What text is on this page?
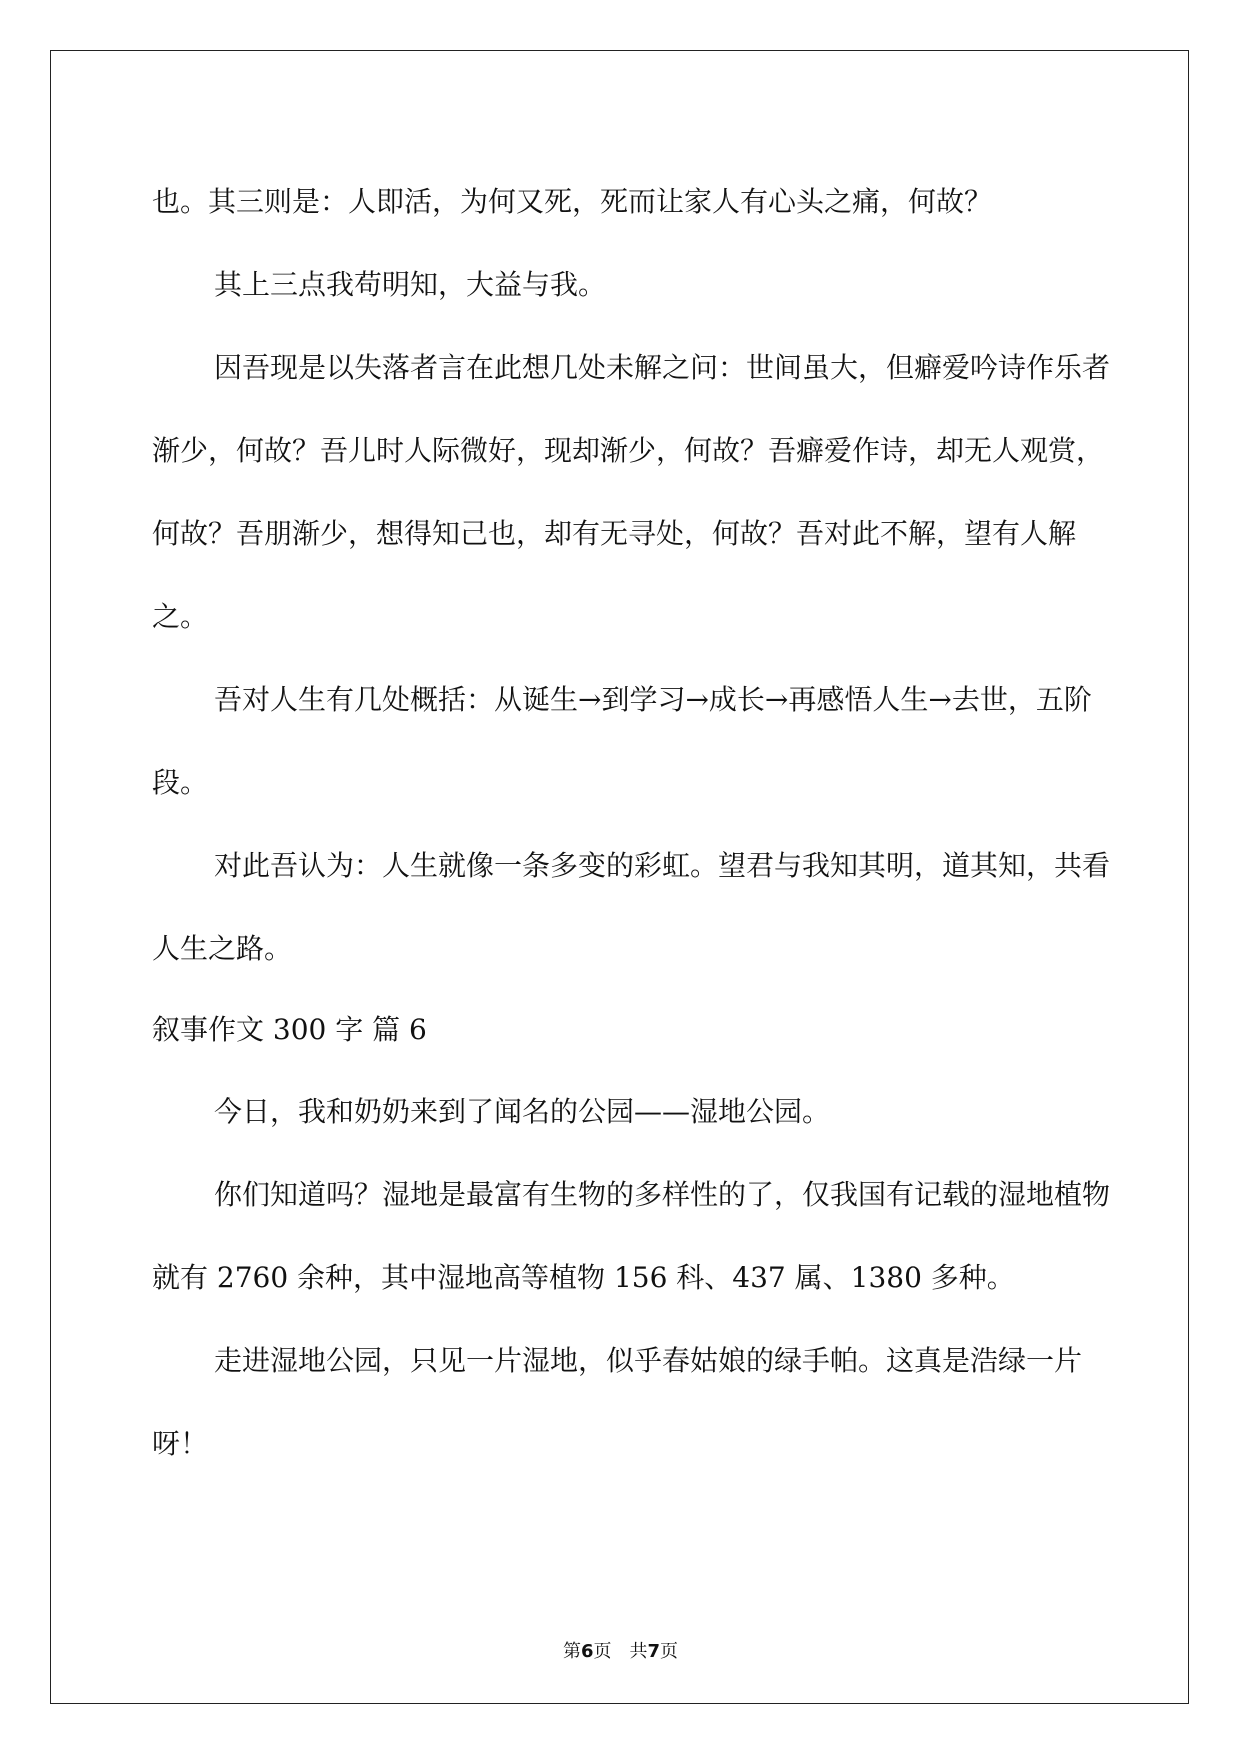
也。其三则是：人即活，为何又死，死而让家人有心头之痛，何故？

其上三点我苟明知，大益与我。

因吾现是以失落者言在此想几处未解之问：世间虽大，但癖爱吟诗作乐者渐少，何故？吾儿时人际微好，现却渐少，何故？吾癖爱作诗，却无人观赏，何故？吾朋渐少，想得知己也，却有无寻处，何故？吾对此不解，望有人解之。

吾对人生有几处概括：从诞生→到学习→成长→再感悟人生→去世，五阶段。

对此吾认为：人生就像一条多变的彩虹。望君与我知其明，道其知，共看人生之路。

叙事作文 300 字 篇 6

今日，我和奶奶来到了闻名的公园——湿地公园。

你们知道吗？湿地是最富有生物的多样性的了，仅我国有记载的湿地植物就有 2760 余种，其中湿地高等植物 156 科、437 属、1380 多种。

走进湿地公园，只见一片湿地，似乎春姑娘的绿手帕。这真是浩绿一片呀！

第6页　共7页
